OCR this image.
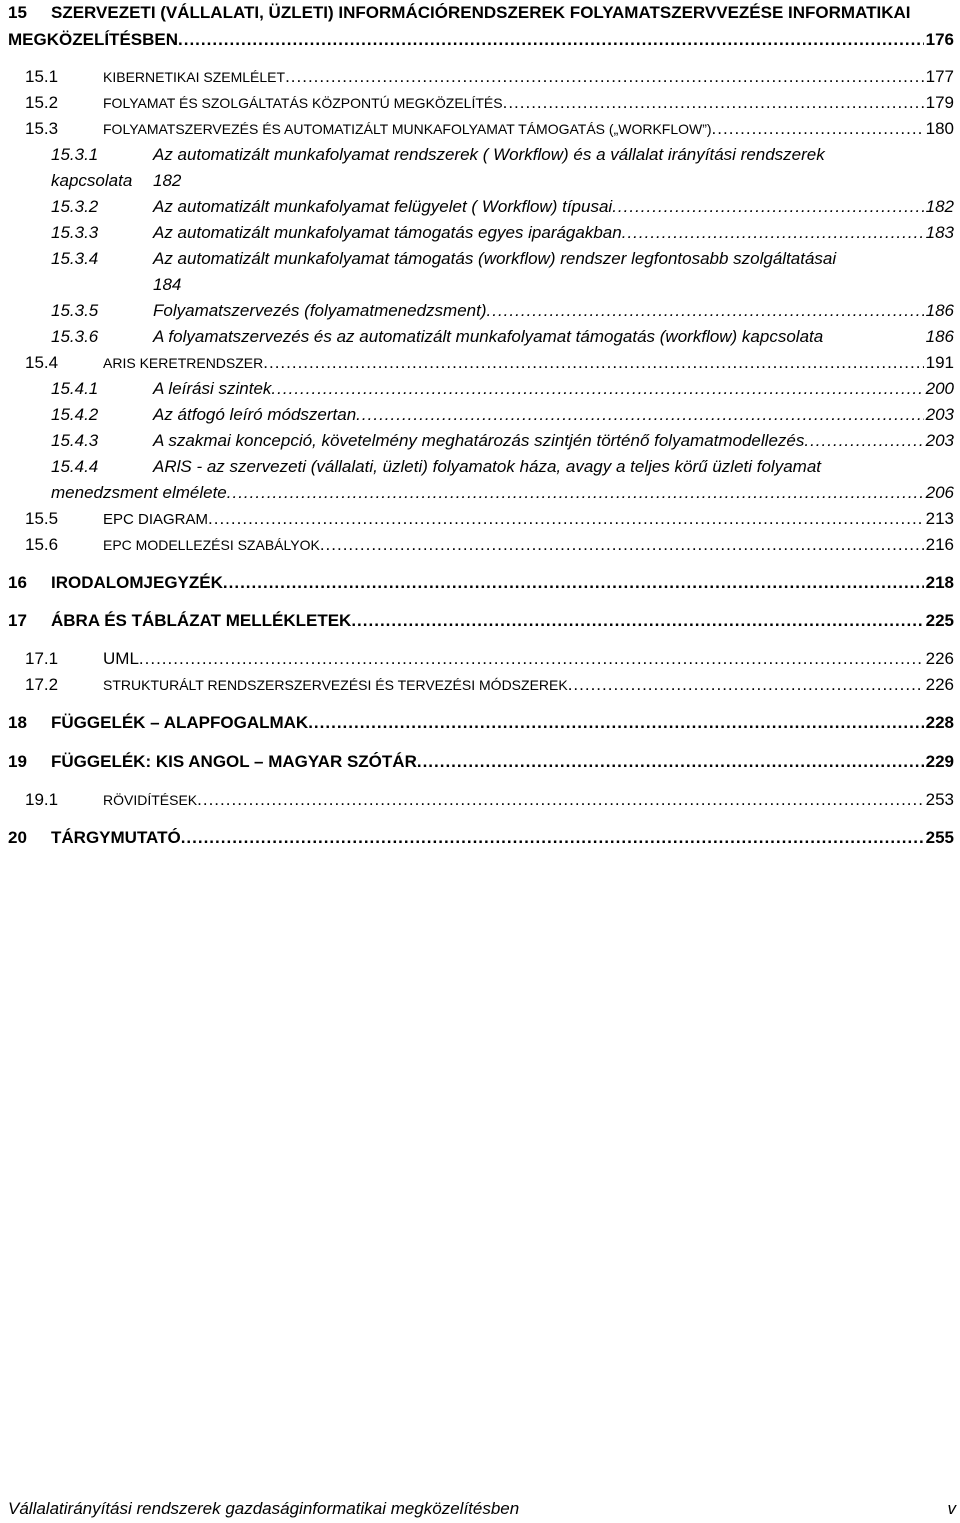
15 SZERVEZETI (VÁLLALATI, ÜZLETI) INFORMÁCIÓRENDSZEREK FOLYAMATSZERVVEZÉSE INFORMATIKAI
MEGKÖZELÍTÉSBEN .....	176
15.1	KIBERNETIKAI SZEMLÉLET .....	177
15.2	FOLYAMAT ÉS SZOLGÁLTATÁS KÖZPONTÚ MEGKÖZELÍTÉS .....	179
15.3	FOLYAMATSZERVEZÉS ÉS AUTOMATIZÁLT MUNKAFOLYAMAT TÁMOGATÁS („WORKFLOW”) .....	180
15.3.1	Az automatizált munkafolyamat rendszerek ( Workflow) és a vállalat irányítási rendszerek
kapcsolata 182
15.3.2	Az automatizált munkafolyamat felügyelet ( Workflow) típusai .....	182
15.3.3	Az automatizált munkafolyamat támogatás egyes iparágakban .....	183
15.3.4	Az automatizált munkafolyamat támogatás (workflow) rendszer legfontosabb szolgáltatásai
184
15.3.5	Folyamatszervezés (folyamatmenedzsment) .....	186
15.3.6	A folyamatszervezés és az automatizált munkafolyamat támogatás (workflow) kapcsolata	186
15.4	ARIS KERETRENDSZER .....	191
15.4.1	A leírási szintek .....	200
15.4.2	Az átfogó leíró módszertan .....	203
15.4.3	A szakmai koncepció, követelmény meghatározás szintjén történő folyamatmodellezés .....	203
15.4.4	ARlS - az szervezeti (vállalati, üzleti) folyamatok háza, avagy a teljes körű üzleti folyamat
menedzsment elmélete .....	206
15.5	EPC DIAGRAM .....	213
15.6	EPC MODELLEZÉSI SZABÁLYOK .....	216
16 IRODALOMJEGYZÉK .....	218
17 ÁBRA ÉS TÁBLÁZAT MELLÉKLETEK .....	225
17.1	UML .....	226
17.2	STRUKTURÁLT RENDSZERSZERVEZÉSI ÉS TERVEZÉSI MÓDSZEREK .....	226
18 FÜGGELÉK – ALAPFOGALMAK .....	228
19 FÜGGELÉK: KIS ANGOL – MAGYAR SZÓTÁR .....	229
19.1	RÖVIDÍTÉSEK .....	253
20 TÁRGYMUTATÓ .....	255
Vállalatirányítási rendszerek gazdaságinformatikai megközelítésben	v
